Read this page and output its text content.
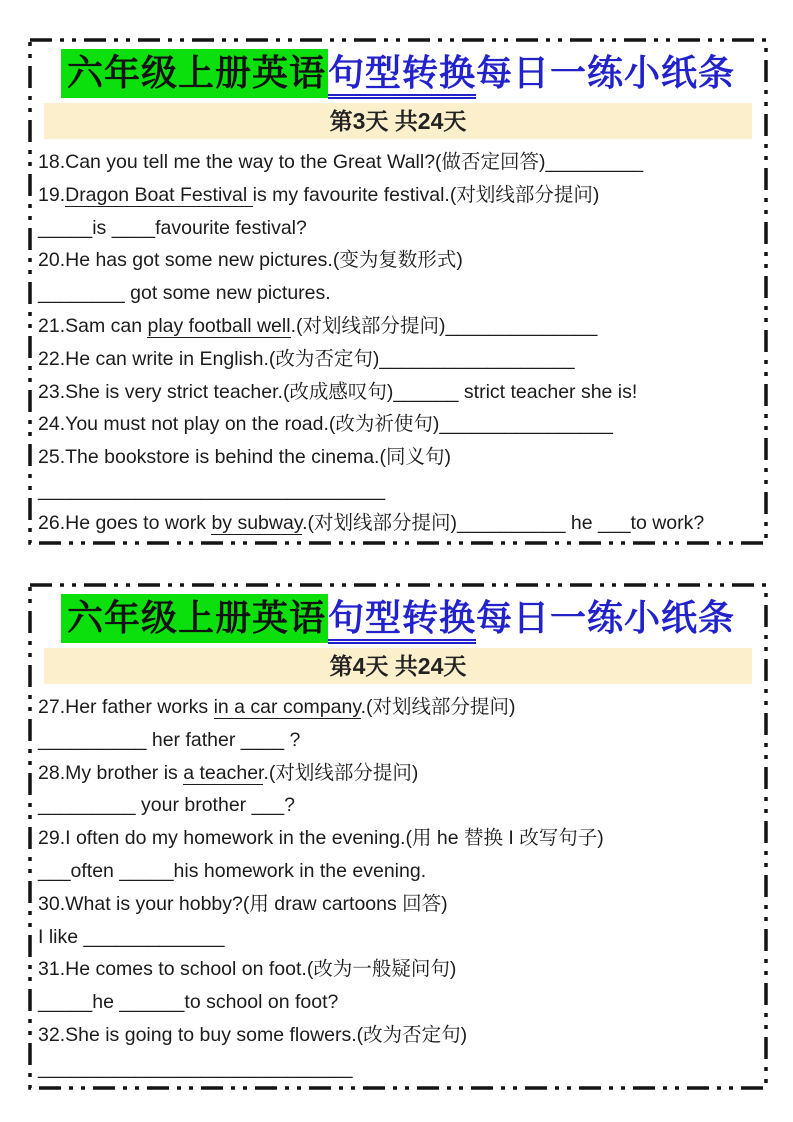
六年级上册英语句型转换每日一练小纸条
第3天 共24天
18.Can you tell me the way to the Great Wall?(做否定回答)_________
19.Dragon Boat Festival is my favourite festival.(对划线部分提问)
_____is ____favourite festival?
20.He has got some new pictures.(变为复数形式)
________ got some new pictures.
21.Sam can play football well.(对划线部分提问)______________
22.He can write in English.(改为否定句)__________________
23.She is very strict teacher.(改成感叹句)______ strict teacher she is!
24.You must not play on the road.(改为祈使句)________________
25.The bookstore is behind the cinema.(同义句)
________________________________
26.He goes to work by subway.(对划线部分提问)__________ he ___to work?
六年级上册英语句型转换每日一练小纸条
第4天 共24天
27.Her father works in a car company.(对划线部分提问)
__________ her father ____ ?
28.My brother is a teacher.(对划线部分提问)
_________ your brother ___?
29.I often do my homework in the evening.(用 he 替换 I 改写句子)
___often _____his homework in the evening.
30.What is your hobby?(用 draw cartoons 回答)
I like _____________
31.He comes to school on foot.(改为一般疑问句)
_____he ______to school on foot?
32.She is going to buy some flowers.(改为否定句)
_____________________________
